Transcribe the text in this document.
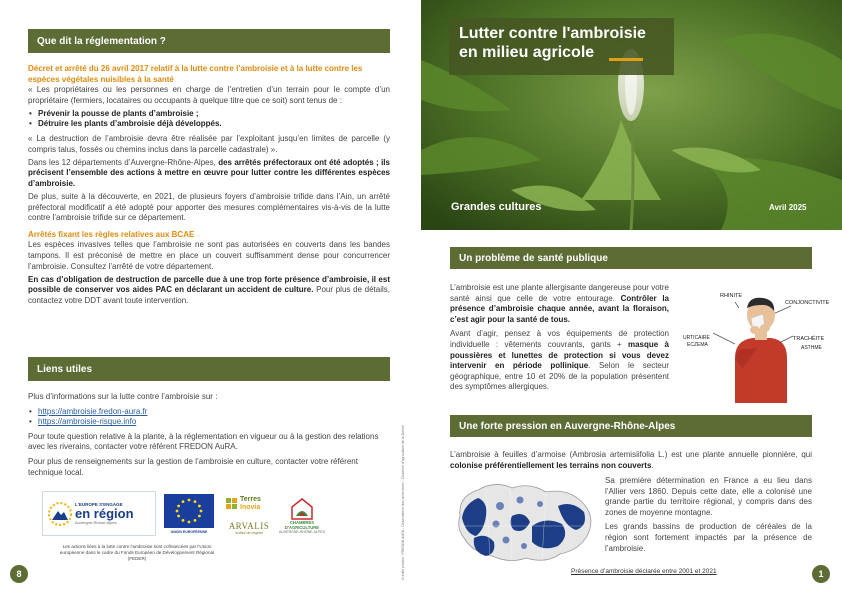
Que dit la réglementation ?

Décret et arrêté du 26 avril 2017 relatif à la lutte contre l’ambroisie et à la lutte contre les espèces végétales nuisibles à la santé

« Les propriétaires ou les personnes en charge de l’entretien d’un terrain pour le compte d’un propriétaire (fermiers, locataires ou occupants à quelque titre que ce soit) sont tenus de :

• Prévenir la pousse de plants d’ambroisie ;
• Détruire les plants d’ambroisie déjà développés.

« La destruction de l’ambroisie devra être réalisée par l’exploitant jusqu’en limites de parcelle (y compris talus, fossés ou chemins inclus dans la parcelle cadastrale) ».

Dans les 12 départements d’Auvergne-Rhône-Alpes, des arrêtés préfectoraux ont été adoptés ; ils précisent l’ensemble des actions à mettre en œuvre pour lutter contre les différentes espèces d’ambroisie.

De plus, suite à la découverte, en 2021, de plusieurs foyers d’ambroisie trifide dans l’Ain, un arrêté préfectoral modificatif a été adopté pour apporter des mesures complémentaires vis-à-vis de la lutte contre l’ambroisie trifide sur ce département.

Arrêtés fixant les règles relatives aux BCAE

Les espèces invasives telles que l’ambroisie ne sont pas autorisées en couverts dans les bandes tampons. Il est préconisé de mettre en place un couvert suffisamment dense pour concurrencer l’ambroisie. Consultez l’arrêté de votre département.

En cas d’obligation de destruction de parcelle due à une trop forte présence d’ambroisie, il est possible de conserver vos aides PAC en déclarant un accident de culture. Pour plus de détails, contactez votre DDT avant toute intervention.

Liens utiles

Plus d’informations sur la lutte contre l’ambroisie sur :

• https://ambroisie.fredon-aura.fr
• https://ambroisie-risque.info

Pour toute question relative à la plante, à la réglementation en vigueur ou à la gestion des relations avec les riverains, contacter votre référent FREDON AuRA.

Pour plus de renseignements sur la gestion de l’ambroisie en culture, contacter votre référent technique local.

L'EUROPE S'ENGAGE
en région
Auvergne-Rhône-Alpes
UNION EUROPÉENNE
Terres
Inovia
ARVALIS
Institut du végétal
CHAMBRES
D'AGRICULTURE
AUVERGNE-RHÔNE-ALPES
Les actions liées à la lutte contre l’ambroisie sont cofinancées par l’Union européenne dans le cadre du Fonds Européen de Développement Régional (FEDER)	Crédits photos : FREDON AuRA - Observatoire des ambroisies - Chambre d'agriculture de la Drôme
8
Lutter contre l'ambroisie en milieu agricole
Grandes cultures	Avril 2025
Un problème de santé publique

L’ambroisie est une plante allergisante dangereuse pour votre santé ainsi que celle de votre entourage. Contrôler la présence d’ambroisie chaque année, avant la floraison, c’est agir pour la santé de tous.

Avant d’agir, pensez à vos équipements de protection individuelle : vêtements couvrants, gants + masque à poussières et lunettes de protection si vous devez intervenir en période pollinique. Selon le secteur géographique, entre 10 et 20% de la population présentent des symptômes allergiques.

RHINITE
CONJONCTIVITE
URTICAIRE
ECZEMA
TRACHÉITE
ASTHME
Une forte pression en Auvergne-Rhône-Alpes
L’ambroisie à feuilles d’armoise (Ambrosia artemisiifolia L.) est une plante annuelle pionnière, qui colonise préférentiellement les terrains non couverts.

Sa première détermination en France a eu lieu dans l’Allier vers 1860. Depuis cette date, elle a colonisé une grande partie du territoire régional, y compris dans des zones de moyenne montagne.

Les grands bassins de production de céréales de la région sont fortement impactés par la présence de l’ambroisie.

Présence d’ambroisie déclarée entre 2001 et 2021	1
